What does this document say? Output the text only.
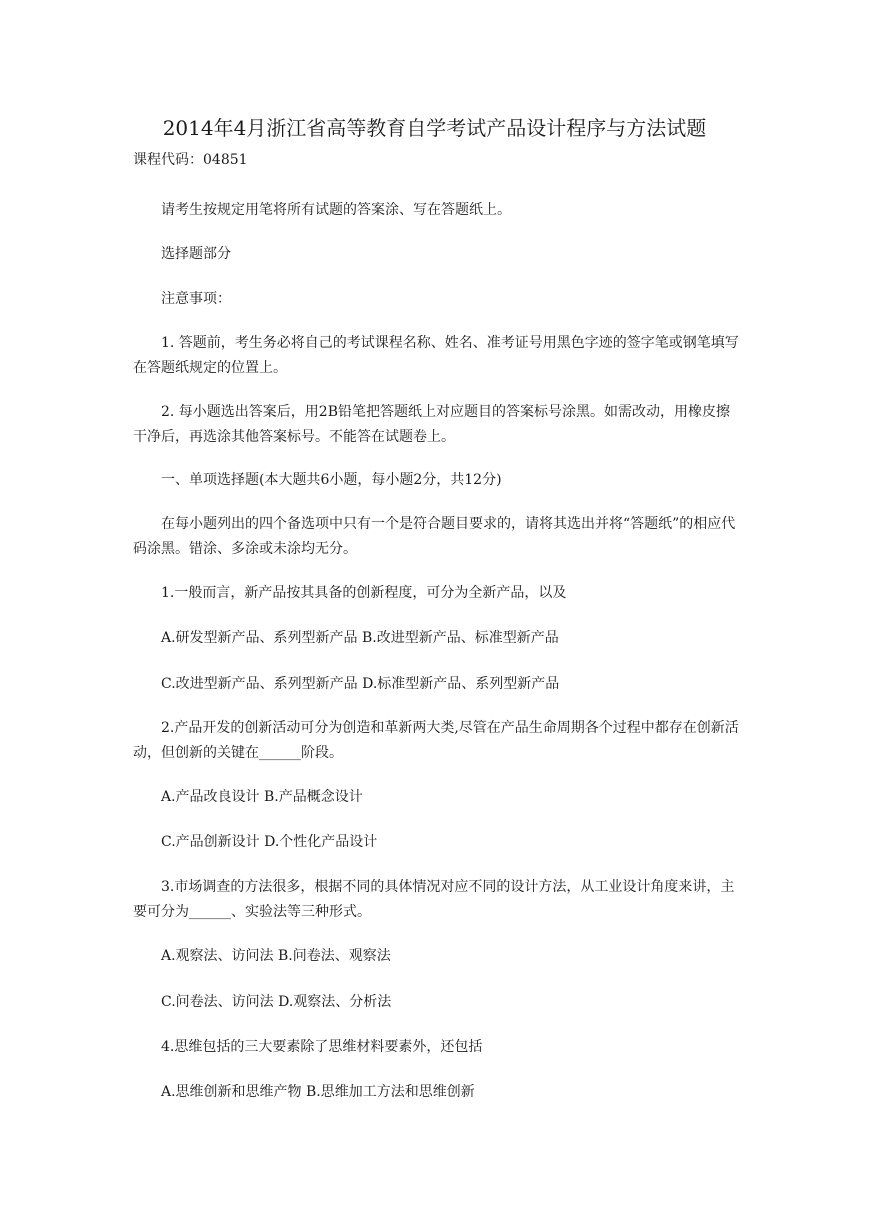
2014年4月浙江省高等教育自学考试产品设计程序与方法试题
课程代码：04851
请考生按规定用笔将所有试题的答案涂、写在答题纸上。
选择题部分
注意事项：
1. 答题前，考生务必将自己的考试课程名称、姓名、准考证号用黑色字迹的签字笔或钢笔填写在答题纸规定的位置上。
2. 每小题选出答案后，用2B铅笔把答题纸上对应题目的答案标号涂黑。如需改动，用橡皮擦干净后，再选涂其他答案标号。不能答在试题卷上。
一、单项选择题(本大题共6小题，每小题2分，共12分)
在每小题列出的四个备选项中只有一个是符合题目要求的，请将其选出并将“答题纸”的相应代码涂黑。错涂、多涂或未涂均无分。
1.一般而言，新产品按其具备的创新程度，可分为全新产品，以及
A.研发型新产品、系列型新产品 B.改进型新产品、标准型新产品
C.改进型新产品、系列型新产品 D.标准型新产品、系列型新产品
2.产品开发的创新活动可分为创造和革新两大类,尽管在产品生命周期各个过程中都存在创新活动，但创新的关键在______阶段。
A.产品改良设计 B.产品概念设计
C.产品创新设计 D.个性化产品设计
3.市场调查的方法很多，根据不同的具体情况对应不同的设计方法，从工业设计角度来讲，主要可分为______、实验法等三种形式。
A.观察法、访问法 B.问卷法、观察法
C.问卷法、访问法 D.观察法、分析法
4.思维包括的三大要素除了思维材料要素外，还包括
A.思维创新和思维产物 B.思维加工方法和思维创新
